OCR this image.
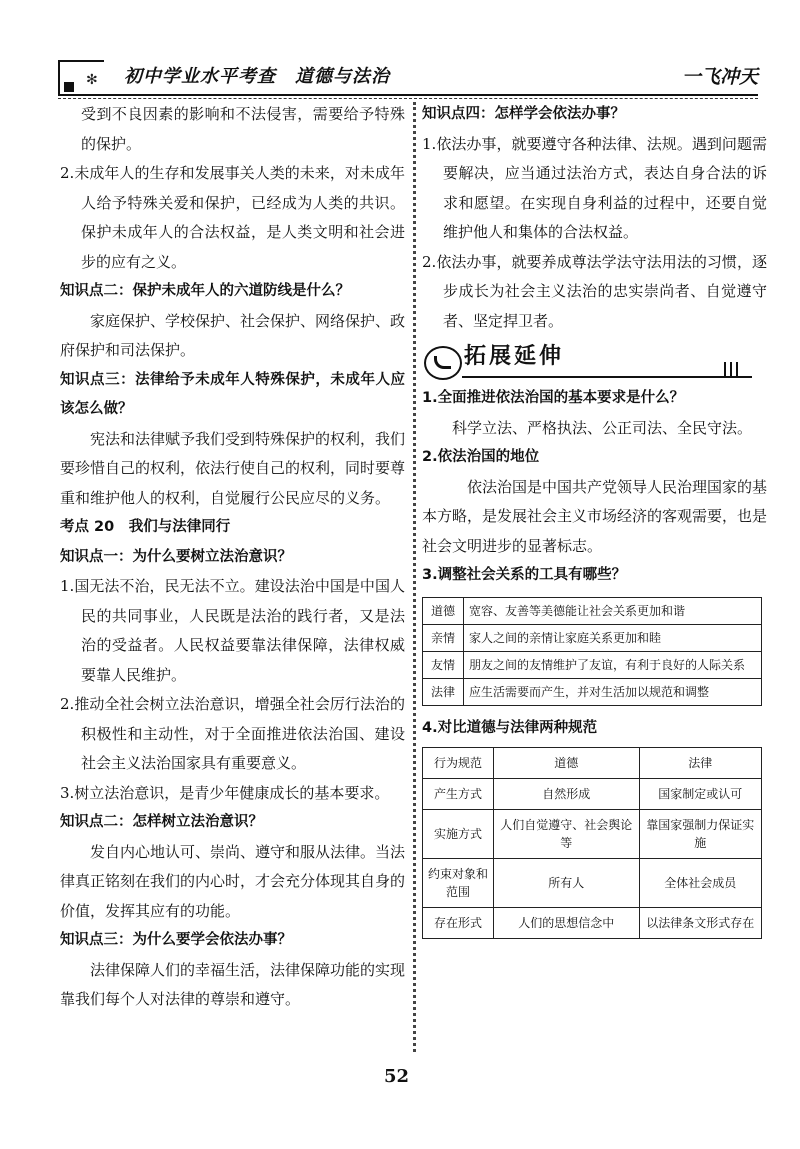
✻ 初中学业水平考查　道德与法治	一飞冲天

受到不良因素的影响和不法侵害，需要给予特殊的保护。

2.未成年人的生存和发展事关人类的未来，对未成年人给予特殊关爱和保护，已经成为人类的共识。保护未成年人的合法权益，是人类文明和社会进步的应有之义。

知识点二：保护未成年人的六道防线是什么？

家庭保护、学校保护、社会保护、网络保护、政府保护和司法保护。

知识点三：法律给予未成年人特殊保护，未成年人应该怎么做？

宪法和法律赋予我们受到特殊保护的权利，我们要珍惜自己的权利，依法行使自己的权利，同时要尊重和维护他人的权利，自觉履行公民应尽的义务。

考点 20　我们与法律同行

知识点一：为什么要树立法治意识？

1.国无法不治，民无法不立。建设法治中国是中国人民的共同事业，人民既是法治的践行者，又是法治的受益者。人民权益要靠法律保障，法律权威要靠人民维护。

2.推动全社会树立法治意识，增强全社会厉行法治的积极性和主动性，对于全面推进依法治国、建设社会主义法治国家具有重要意义。

3.树立法治意识，是青少年健康成长的基本要求。

知识点二：怎样树立法治意识？

发自内心地认可、崇尚、遵守和服从法律。当法律真正铭刻在我们的内心时，才会充分体现其自身的价值，发挥其应有的功能。

知识点三：为什么要学会依法办事？

法律保障人们的幸福生活，法律保障功能的实现靠我们每个人对法律的尊崇和遵守。

知识点四：怎样学会依法办事？

1.依法办事，就要遵守各种法律、法规。遇到问题需要解决，应当通过法治方式，表达自身合法的诉求和愿望。在实现自身利益的过程中，还要自觉维护他人和集体的合法权益。

2.依法办事，就要养成尊法学法守法用法的习惯，逐步成长为社会主义法治的忠实崇尚者、自觉遵守者、坚定捍卫者。

拓展延伸

1.全面推进依法治国的基本要求是什么？

科学立法、严格执法、公正司法、全民守法。

2.依法治国的地位

依法治国是中国共产党领导人民治理国家的基本方略，是发展社会主义市场经济的客观需要，也是社会文明进步的显著标志。

3.调整社会关系的工具有哪些？

道德	宽容、友善等美德能让社会关系更加和谐
亲情	家人之间的亲情让家庭关系更加和睦
友情	朋友之间的友情维护了友谊，有利于良好的人际关系
法律	应生活需要而产生，并对生活加以规范和调整

4.对比道德与法律两种规范

行为规范	道德	法律
产生方式	自然形成	国家制定或认可
实施方式	人们自觉遵守、社会舆论等	靠国家强制力保证实施
约束对象和范围	所有人	全体社会成员
存在形式	人们的思想信念中	以法律条文形式存在
52
